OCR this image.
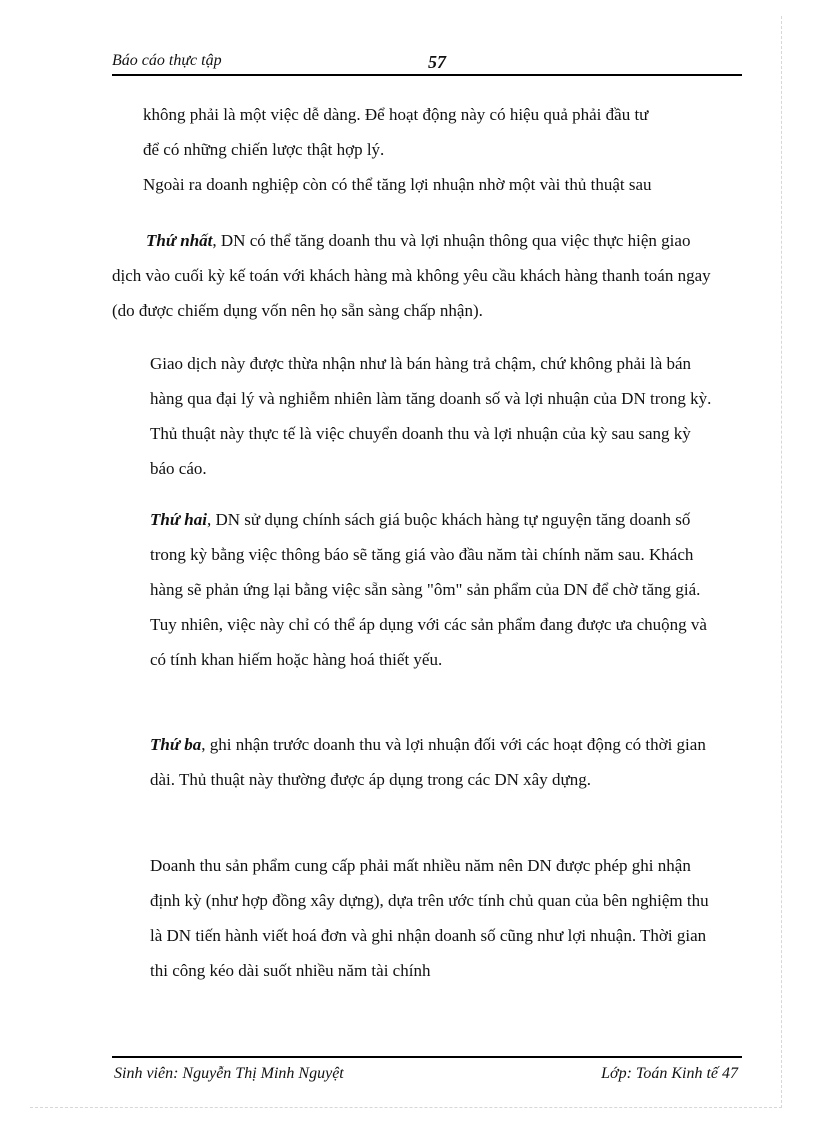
Báo cáo thực tập	57
không phải là một việc dễ dàng. Để hoạt động này có hiệu quả phải đầu tư
để có những chiến lược thật hợp lý.
Ngoài ra doanh nghiệp còn có thể tăng lợi nhuận nhờ một vài thủ thuật sau

Thứ nhất, DN có thể tăng doanh thu và lợi nhuận thông qua việc thực hiện giao dịch vào cuối kỳ kế toán với khách hàng mà không yêu cầu khách hàng thanh toán ngay (do được chiếm dụng vốn nên họ sẵn sàng chấp nhận).

Giao dịch này được thừa nhận như là bán hàng trả chậm, chứ không phải là bán hàng qua đại lý và nghiễm nhiên làm tăng doanh số và lợi nhuận của DN trong kỳ. Thủ thuật này thực tế là việc chuyển doanh thu và lợi nhuận của kỳ sau sang kỳ báo cáo.

Thứ hai, DN sử dụng chính sách giá buộc khách hàng tự nguyện tăng doanh số trong kỳ bằng việc thông báo sẽ tăng giá vào đầu năm tài chính năm sau. Khách hàng sẽ phản ứng lại bằng việc sẵn sàng "ôm" sản phẩm của DN để chờ tăng giá. Tuy nhiên, việc này chỉ có thể áp dụng với các sản phẩm đang được ưa chuộng và có tính khan hiếm hoặc hàng hoá thiết yếu.

Thứ ba, ghi nhận trước doanh thu và lợi nhuận đối với các hoạt động có thời gian dài. Thủ thuật này thường được áp dụng trong các DN xây dựng.

Doanh thu sản phẩm cung cấp phải mất nhiều năm nên DN được phép ghi nhận định kỳ (như hợp đồng xây dựng), dựa trên ước tính chủ quan của bên nghiệm thu là DN tiến hành viết hoá đơn và ghi nhận doanh số cũng như lợi nhuận. Thời gian thi công kéo dài suốt nhiều năm tài chính

Sinh viên: Nguyễn Thị Minh Nguyệt	Lớp: Toán Kinh tế 47
